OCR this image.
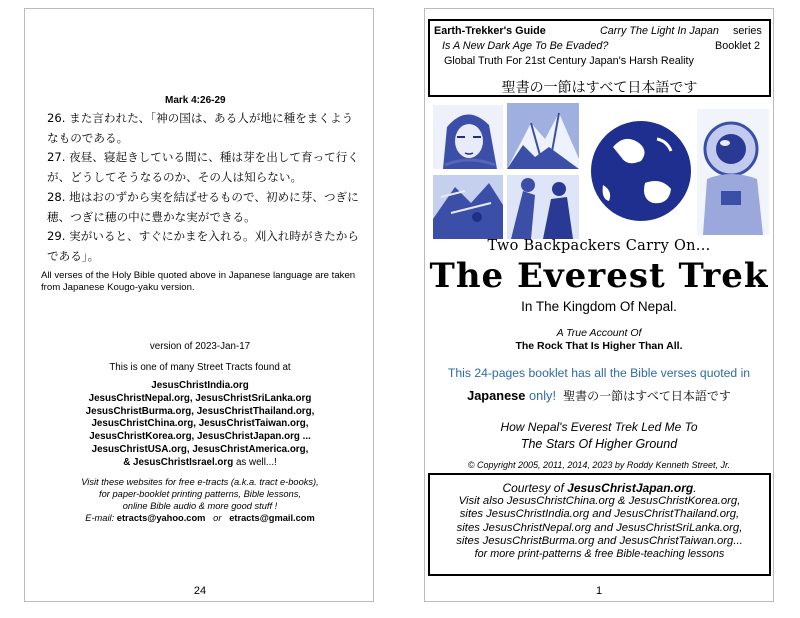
Mark 4:26-29
26. また言われた、「神の国は、ある人が地に種をまくよう
なものである。
27. 夜昼、寝起きしている間に、種は芽を出して育って行く
が、どうしてそうなるのか、その人は知らない。
28. 地はおのずから実を結ばせるもので、初めに芽、つぎに
穂、つぎに穂の中に豊かな実ができる。
29. 実がいると、すぐにかまを入れる。刈入れ時がきたから
である」。
All verses of the Holy Bible quoted above in Japanese language are taken from Japanese Kougo-yaku version.
version of 2023-Jan-17
This is one of many Street Tracts found at
JesusChristIndia.org
JesusChristNepal.org, JesusChristSriLanka.org
JesusChristBurma.org, JesusChristThailand.org,
JesusChristChina.org, JesusChristTaiwan.org,
JesusChristKorea.org, JesusChristJapan.org ...
JesusChristUSA.org, JesusChristAmerica.org,
& JesusChristIsrael.org as well...!
Visit these websites for free e-tracts (a.k.a. tract e-books),
for paper-booklet printing patterns, Bible lessons,
online Bible audio & more good stuff !
E-mail: etracts@yahoo.com or etracts@gmail.com
24
Earth-Trekker's Guide	Carry The Light In Japan series
Is A New Dark Age To Be Evaded?	Booklet 2
Global Truth For 21st Century Japan's Harsh Reality
聖書の一節はすべて日本語です
Two Backpackers Carry On...
The Everest Trek
In The Kingdom Of Nepal.
A True Account Of
The Rock That Is Higher Than All.
This 24-pages booklet has all the Bible verses quoted in
Japanese only! 聖書の一節はすべて日本語です
How Nepal's Everest Trek Led Me To
The Stars Of Higher Ground
© Copyright 2005, 2011, 2014, 2023 by Roddy Kenneth Street, Jr.
Courtesy of JesusChristJapan.org.
Visit also JesusChristChina.org & JesusChristKorea.org,
sites JesusChristIndia.org and JesusChristThailand.org,
sites JesusChristNepal.org and JesusChristSriLanka.org,
sites JesusChristBurma.org and JesusChristTaiwan.org...
for more print-patterns & free Bible-teaching lessons
1
